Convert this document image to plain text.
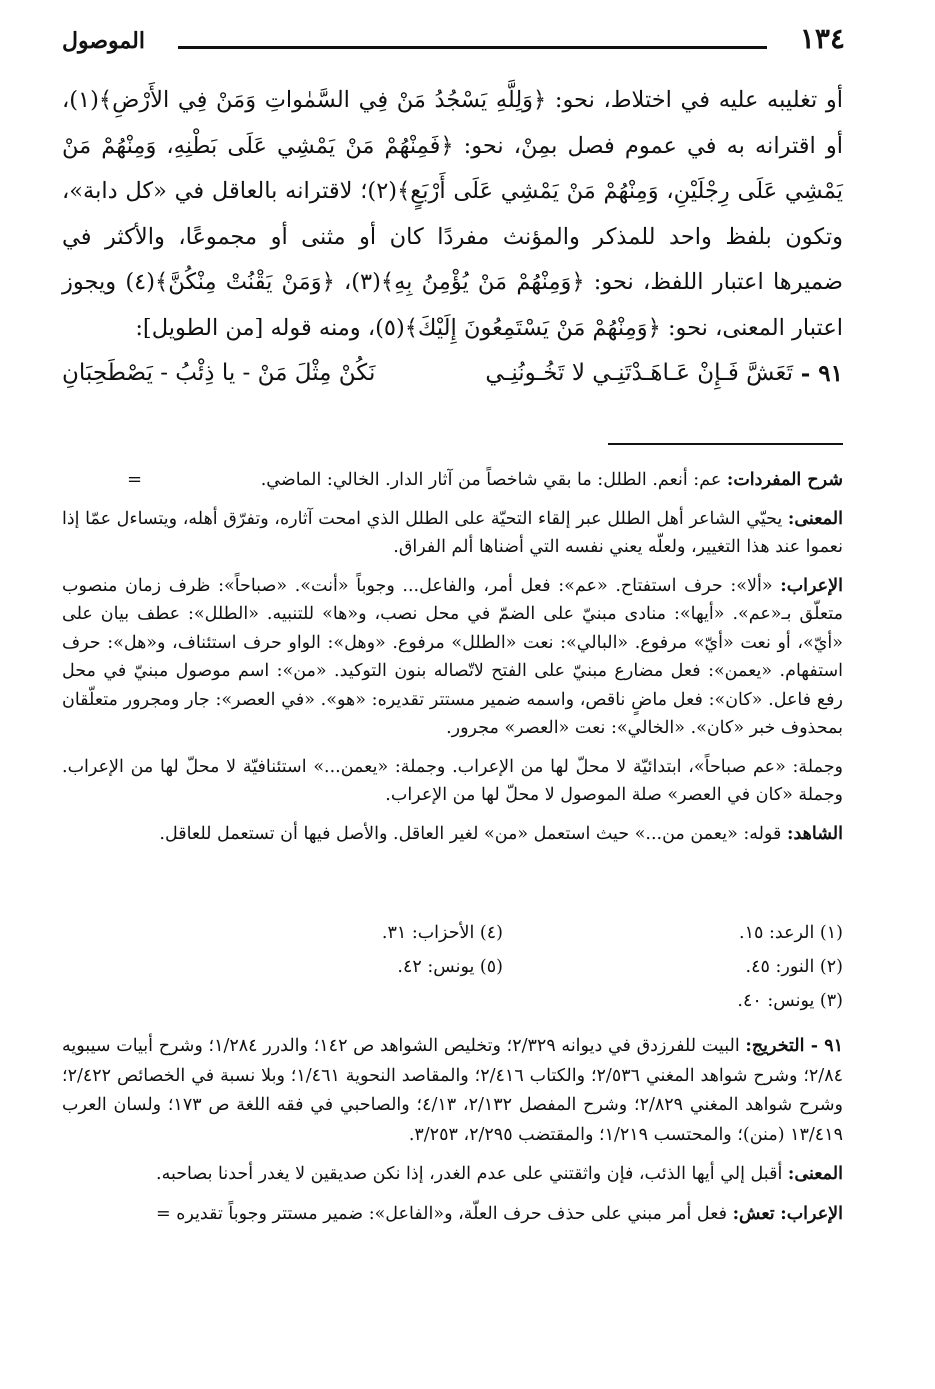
١٣٤
الموصول

أو تغليبه عليه في اختلاط، نحو: ﴿وَلِلَّهِ يَسْجُدُ مَنْ فِي السَّمٰواتِ وَمَنْ فِي الأَرْضِ﴾(١)، أو اقترانه به في عموم فصل بمِنْ، نحو: ﴿فَمِنْهُمْ مَنْ يَمْشِي عَلَى بَطْنِهِ، وَمِنْهُمْ مَنْ يَمْشِي عَلَى رِجْلَيْنِ، وَمِنْهُمْ مَنْ يَمْشِي عَلَى أَرْبَعٍ﴾(٢)؛ لاقترانه بالعاقل في «كل دابة»، وتكون بلفظ واحد للمذكر والمؤنث مفردًا كان أو مثنى أو مجموعًا، والأكثر في ضميرها اعتبار اللفظ، نحو: ﴿وَمِنْهُمْ مَنْ يُؤْمِنُ بِهِ﴾(٣)، ﴿وَمَنْ يَقْنُتْ مِنْكُنَّ﴾(٤) ويجوز اعتبار المعنى، نحو: ﴿وَمِنْهُمْ مَنْ يَسْتَمِعُونَ إِلَيْكَ﴾(٥)، ومنه قوله [من الطويل]:

٩١ -
تَعَشَّ فَـإِنْ عَـاهَـدْتَنِـي لا تَخُـونُنِـي
نَكُنْ مِثْلَ مَنْ - يا ذِئْبُ - يَصْطَحِبَانِ

شرح المفردات: عم: أنعم. الطلل: ما بقي شاخصاً من آثار الدار. الخالي: الماضي.
=

المعنى: يحيّي الشاعر أهل الطلل عبر إلقاء التحيّة على الطلل الذي امحت آثاره، وتفرّق أهله، ويتساءل عمّا إذا نعموا عند هذا التغيير، ولعلّه يعني نفسه التي أضناها ألم الفراق.

الإعراب: «ألا»: حرف استفتاح. «عم»: فعل أمر، والفاعل... وجوباً «أنت». «صباحاً»: ظرف زمان منصوب متعلّق بـ«عم». «أيها»: منادى مبنيّ على الضمّ في محل نصب، و«ها» للتنبيه. «الطلل»: عطف بيان على «أيّ»، أو نعت «أيّ» مرفوع. «البالي»: نعت «الطلل» مرفوع. «وهل»: الواو حرف استئناف، و«هل»: حرف استفهام. «يعمن»: فعل مضارع مبنيّ على الفتح لاتّصاله بنون التوكيد. «من»: اسم موصول مبنيّ في محل رفع فاعل. «كان»: فعل ماضٍ ناقص، واسمه ضمير مستتر تقديره: «هو». «في العصر»: جار ومجرور متعلّقان بمحذوف خبر «كان». «الخالي»: نعت «العصر» مجرور.

وجملة: «عم صباحاً»، ابتدائيّة لا محلّ لها من الإعراب. وجملة: «يعمن...» استئنافيّة لا محلّ لها من الإعراب. وجملة «كان في العصر» صلة الموصول لا محلّ لها من الإعراب.

الشاهد: قوله: «يعمن من...» حيث استعمل «من» لغير العاقل. والأصل فيها أن تستعمل للعاقل.

(١) الرعد: ١٥.
(٢) النور: ٤٥.
(٣) يونس: ٤٠.
(٤) الأحزاب: ٣١.
(٥) يونس: ٤٢.

٩١ - التخريج: البيت للفرزدق في ديوانه ٢/٣٢٩؛ وتخليص الشواهد ص ١٤٢؛ والدرر ١/٢٨٤؛ وشرح أبيات سيبويه ٢/٨٤؛ وشرح شواهد المغني ٢/٥٣٦؛ والكتاب ٢/٤١٦؛ والمقاصد النحوية ١/٤٦١؛ وبلا نسبة في الخصائص ٢/٤٢٢؛ وشرح شواهد المغني ٢/٨٢٩؛ وشرح المفصل ٢/١٣٢، ٤/١٣؛ والصاحبي في فقه اللغة ص ١٧٣؛ ولسان العرب ١٣/٤١٩ (منن)؛ والمحتسب ١/٢١٩؛ والمقتضب ٢/٢٩٥، ٣/٢٥٣.

المعنى: أقبل إلي أيها الذئب، فإن واثقتني على عدم الغدر، إذا نكن صديقين لا يغدر أحدنا بصاحبه.

الإعراب: تعش: فعل أمر مبني على حذف حرف العلّة، و«الفاعل»: ضمير مستتر وجوباً تقديره =
